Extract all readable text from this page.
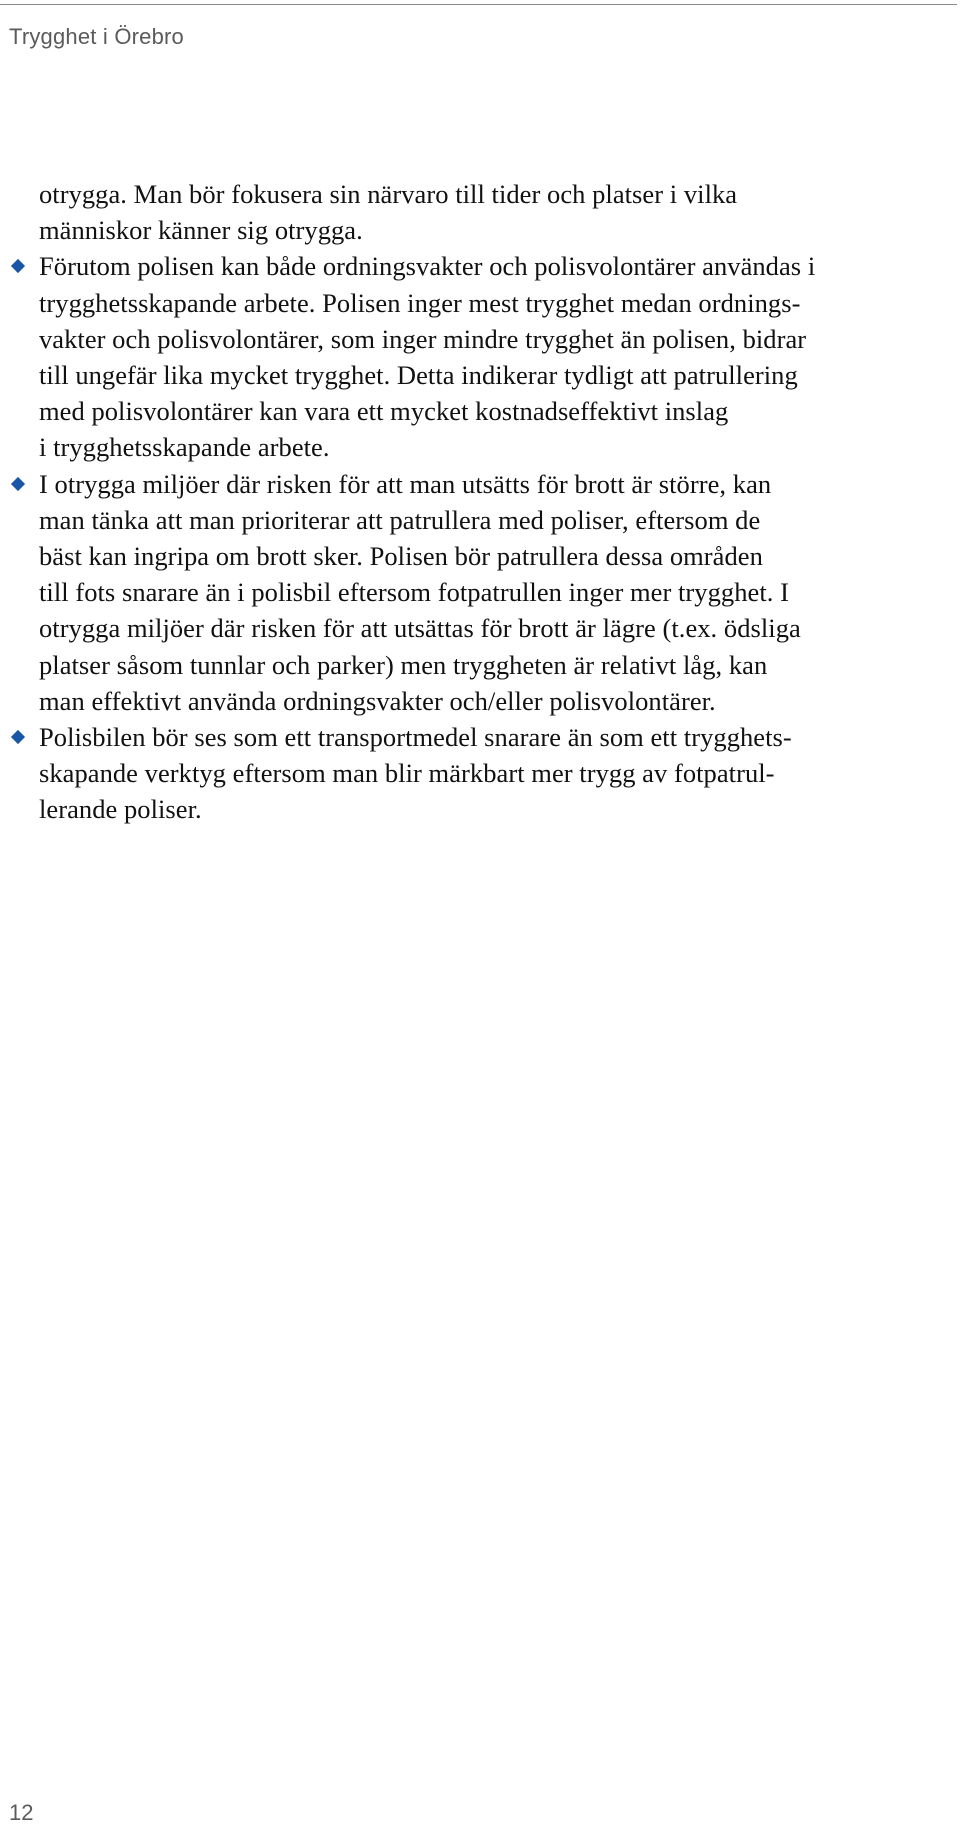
Trygghet i Örebro
otrygga. Man bör fokusera sin närvaro till tider och platser i vilka
människor känner sig otrygga.
Förutom polisen kan både ordningsvakter och polisvolontärer användas i
trygghetsskapande arbete. Polisen inger mest trygghet medan ordnings-
vakter och polisvolontärer, som inger mindre trygghet än polisen, bidrar
till ungefär lika mycket trygghet. Detta indikerar tydligt att patrullering
med polisvolontärer kan vara ett mycket kostnadseffektivt inslag
i trygghetsskapande arbete.
I otrygga miljöer där risken för att man utsätts för brott är större, kan
man tänka att man prioriterar att patrullera med poliser, eftersom de
bäst kan ingripa om brott sker. Polisen bör patrullera dessa områden
till fots snarare än i polisbil eftersom fotpatrullen inger mer trygghet. I
otrygga miljöer där risken för att utsättas för brott är lägre (t.ex. ödsliga
platser såsom tunnlar och parker) men tryggheten är relativt låg, kan
man effektivt använda ordningsvakter och/eller polisvolontärer.
Polisbilen bör ses som ett transportmedel snarare än som ett trygghets-
skapande verktyg eftersom man blir märkbart mer trygg av fotpatrul-
lerande poliser.
12
